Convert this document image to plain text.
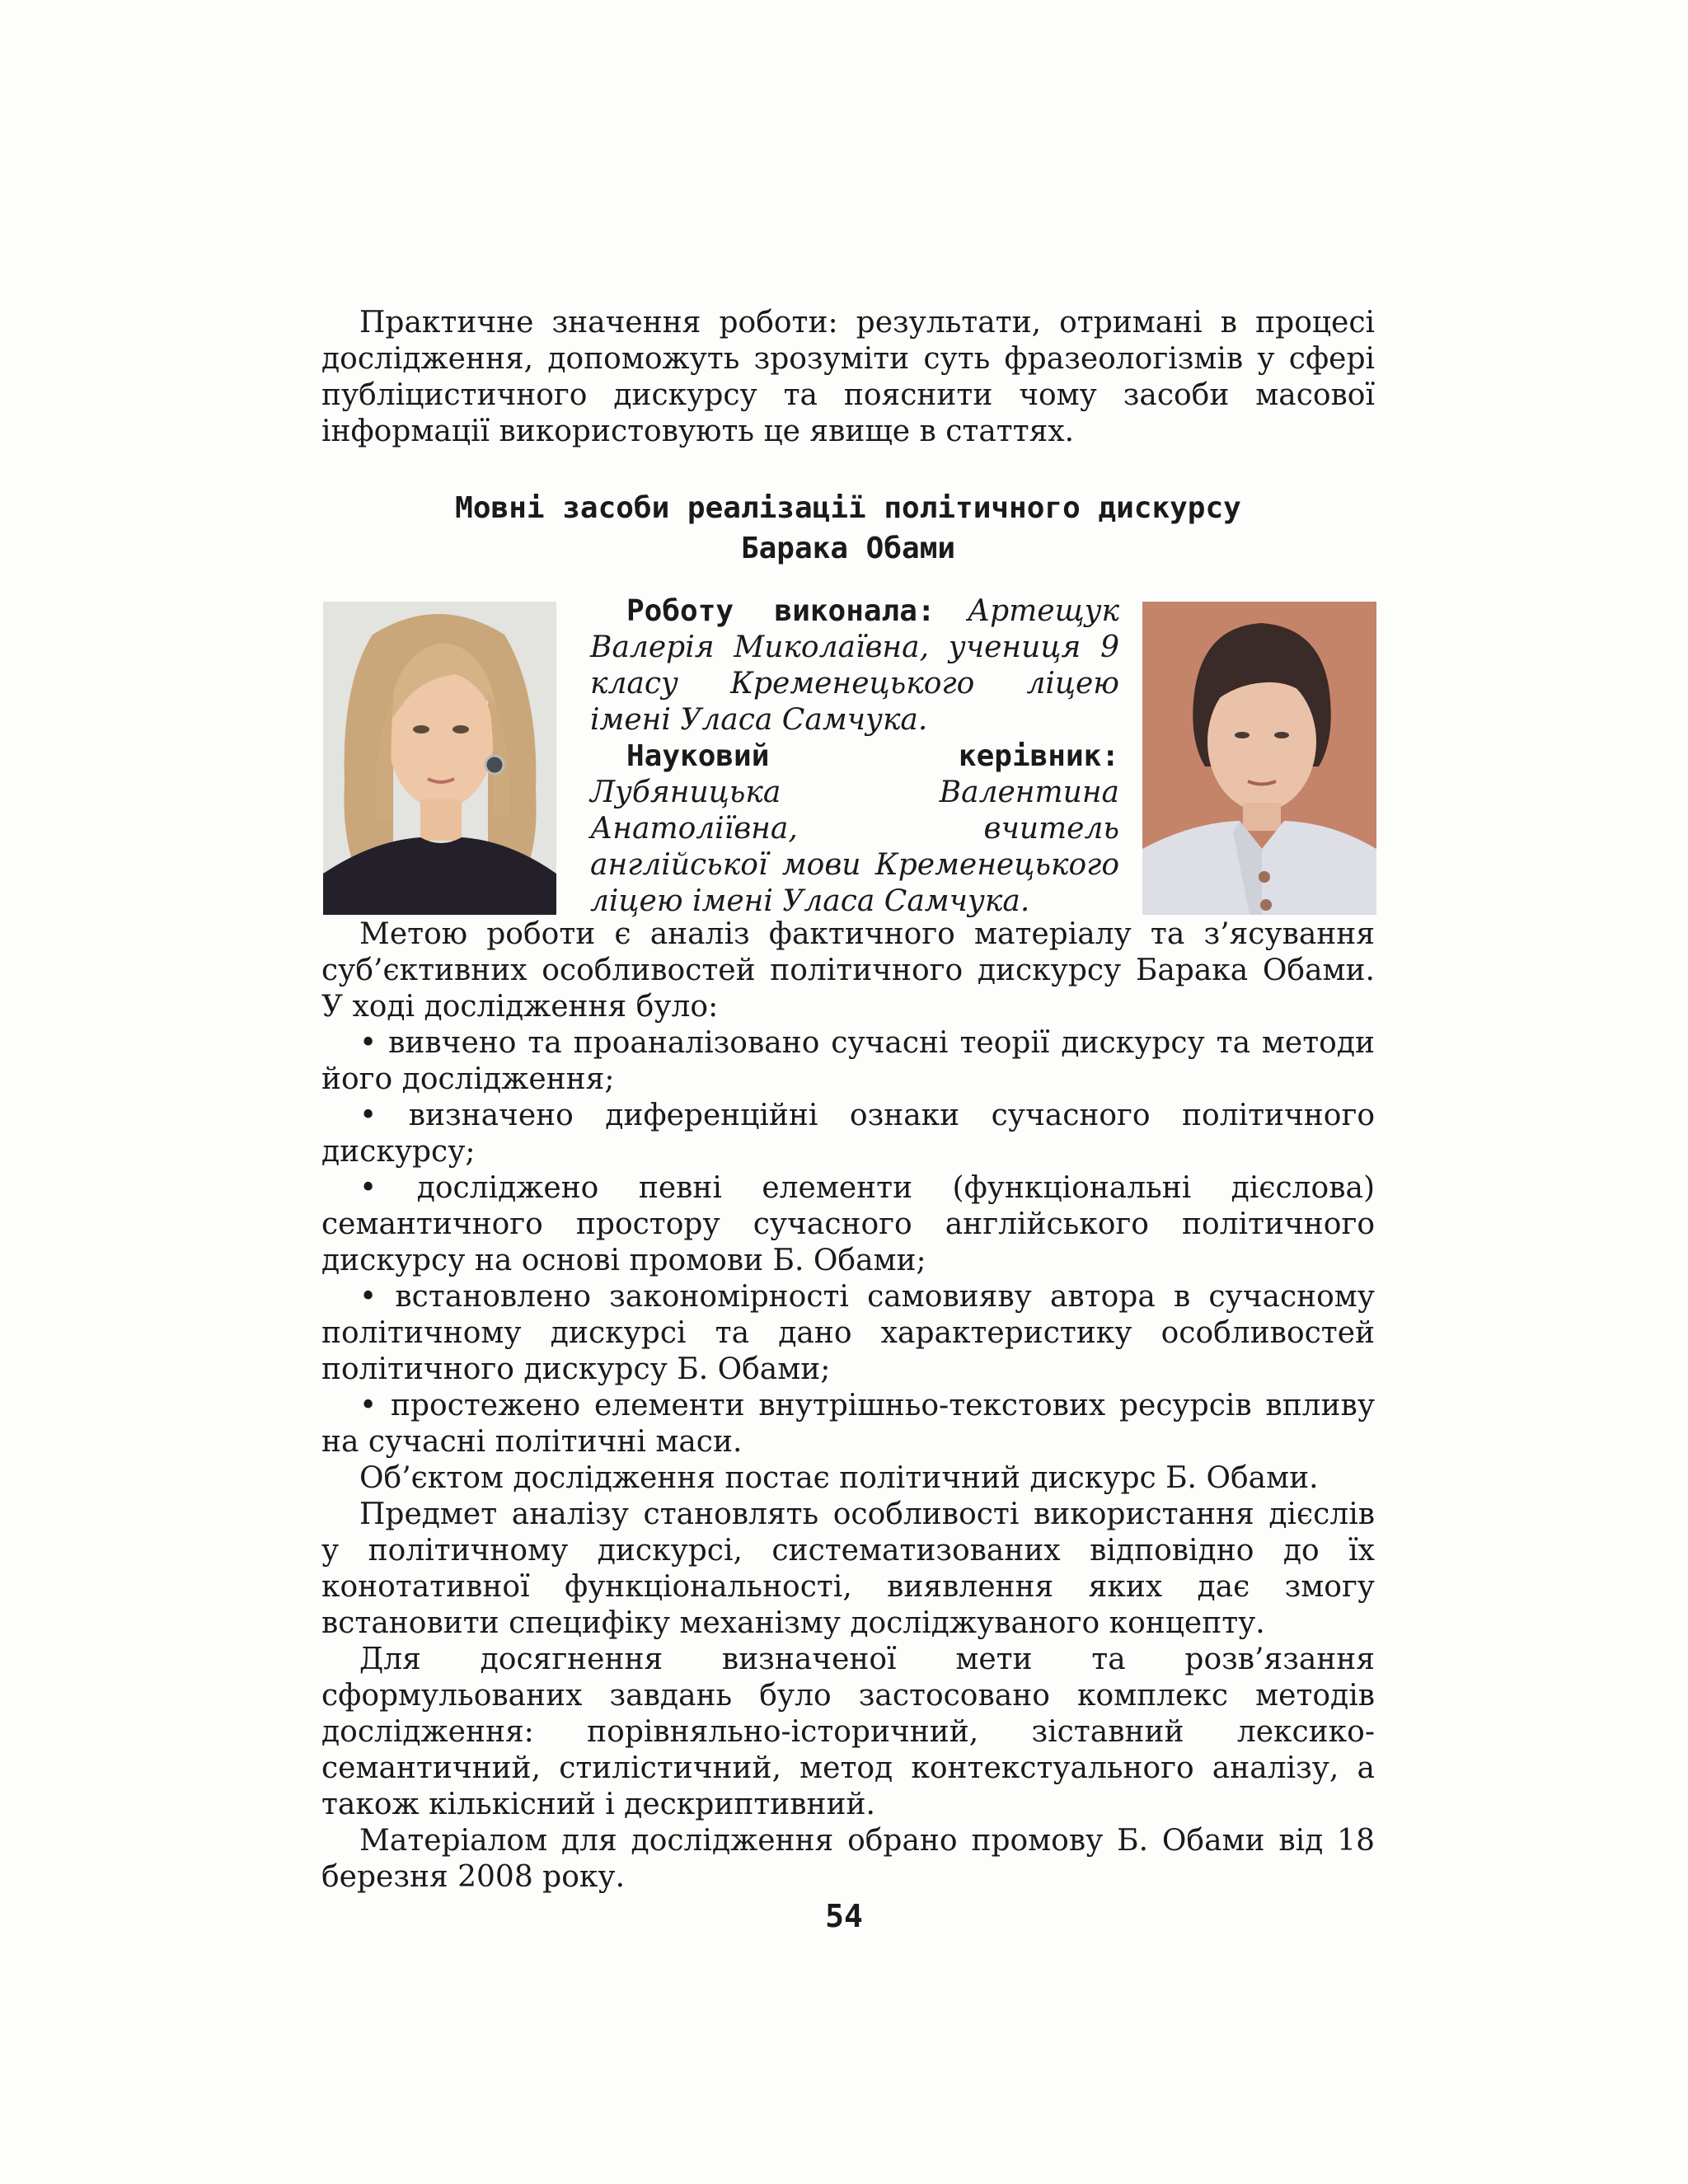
Практичне значення роботи: результати, отримані в процесі дослідження, допоможуть зрозуміти суть фразеологізмів у сфері публіцистичного дискурсу та пояснити чому засоби масової інформації використовують це явище в статтях.

Мовні засоби реалізації політичного дискурсу
Барака Обами

Роботу виконала: Артещук Валерія Миколаївна, учениця 9 класу Кременецького ліцею імені Уласа Самчука.

Науковий керівник: Лубяницька Валентина Анатоліївна, вчитель англійської мови Кременецького ліцею імені Уласа Самчука.

Метою роботи є аналіз фактичного матеріалу та з’ясування суб’єктивних особливостей політичного дискурсу Барака Обами. У ході дослідження було:

• вивчено та проаналізовано сучасні теорії дискурсу та методи його дослідження;
• визначено диференційні ознаки сучасного політичного дискурсу;
• досліджено певні елементи (функціональні дієслова) семантичного простору сучасного англійського політичного дискурсу на основі промови Б. Обами;
• встановлено закономірності самовияву автора в сучасному політичному дискурсі та дано характеристику особливостей політичного дискурсу Б. Обами;
• простежено елементи внутрішньо-текстових ресурсів впливу на сучасні політичні маси.

Об’єктом дослідження постає політичний дискурс Б. Обами.

Предмет аналізу становлять особливості використання дієслів у політичному дискурсі, систематизованих відповідно до їх конотативної функціональності, виявлення яких дає змогу встановити специфіку механізму досліджуваного концепту.

Для досягнення визначеної мети та розв’язання сформульованих завдань було застосовано комплекс методів дослідження: порівняльно-історичний, зіставний лексико-семантичний, стилістичний, метод контекстуального аналізу, а також кількісний і дескриптивний.

Матеріалом для дослідження обрано промову Б. Обами від 18 березня 2008 року.

54
